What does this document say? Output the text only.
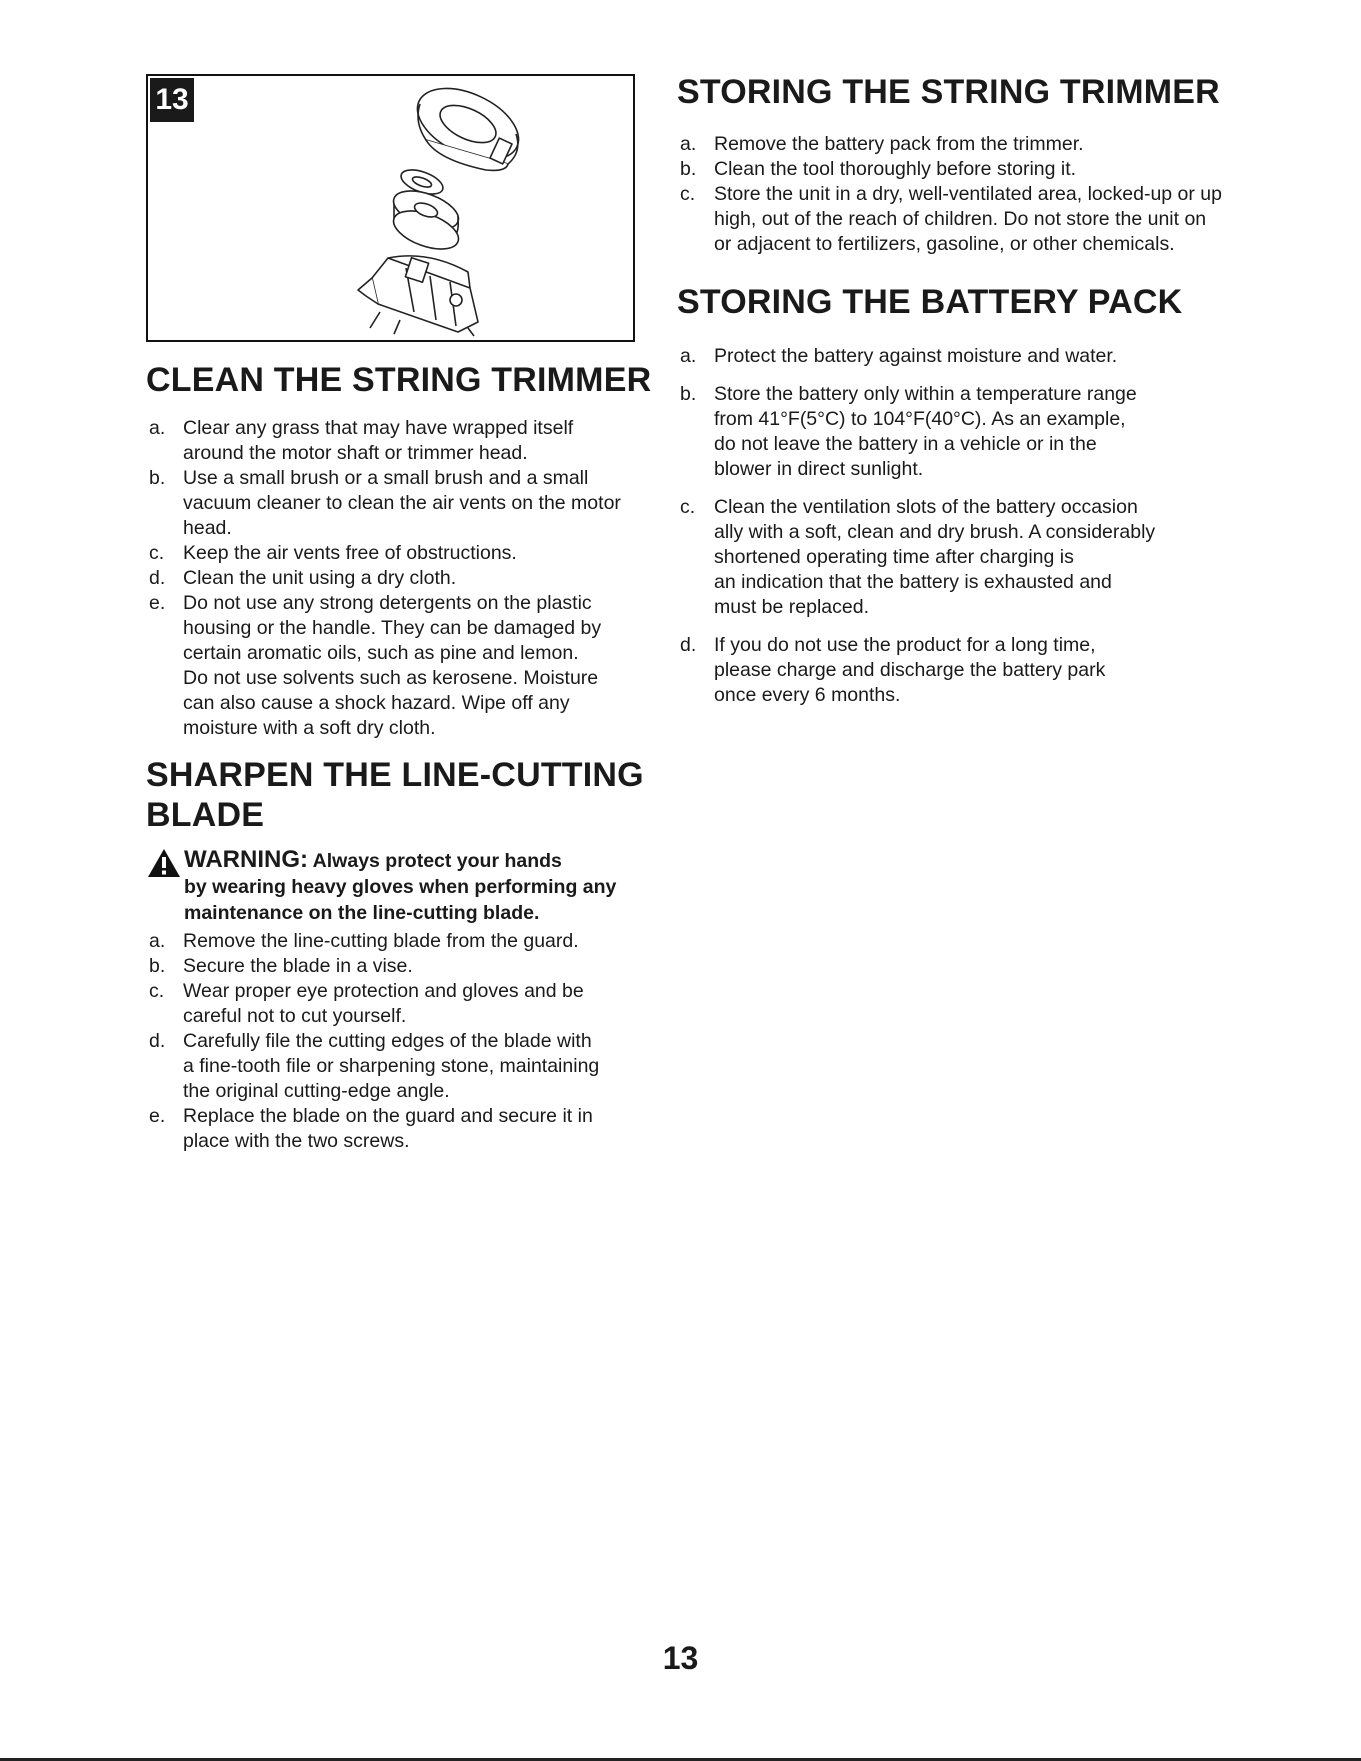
13
CLEAN THE STRING TRIMMER
a. Clear any grass that may have wrapped itself
around the motor shaft or trimmer head.
b. Use a small brush or a small brush and a small
vacuum cleaner to clean the air vents on the motor
head.
c. Keep the air vents free of obstructions.
d. Clean the unit using a dry cloth.
e. Do not use any strong detergents on the plastic
housing or the handle. They can be damaged by
certain aromatic oils, such as pine and lemon.
Do not use solvents such as kerosene. Moisture
can also cause a shock hazard. Wipe off any
moisture with a soft dry cloth.
SHARPEN THE LINE-CUTTING
BLADE
WARNING: Always protect your hands
by wearing heavy gloves when performing any
maintenance on the line-cutting blade.
a. Remove the line-cutting blade from the guard.
b. Secure the blade in a vise.
c. Wear proper eye protection and gloves and be
careful not to cut yourself.
d. Carefully file the cutting edges of the blade with
a fine-tooth file or sharpening stone, maintaining
the original cutting-edge angle.
e. Replace the blade on the guard and secure it in
place with the two screws.
STORING THE STRING TRIMMER
a. Remove the battery pack from the trimmer.
b. Clean the tool thoroughly before storing it.
c. Store the unit in a dry, well-ventilated area, locked-up or up
high, out of the reach of children. Do not store the unit on
or adjacent to fertilizers, gasoline, or other chemicals.
STORING THE BATTERY PACK
a. Protect the battery against moisture and water.
b. Store the battery only within a temperature range
from 41°F(5°C) to 104°F(40°C). As an example,
do not leave the battery in a vehicle or in the
blower in direct sunlight.
c. Clean the ventilation slots of the battery occasion
ally with a soft, clean and dry brush. A considerably
shortened operating time after charging is
an indication that the battery is exhausted and
must be replaced.
d. If you do not use the product for a long time,
please charge and discharge the battery park
once every 6 months.
13
